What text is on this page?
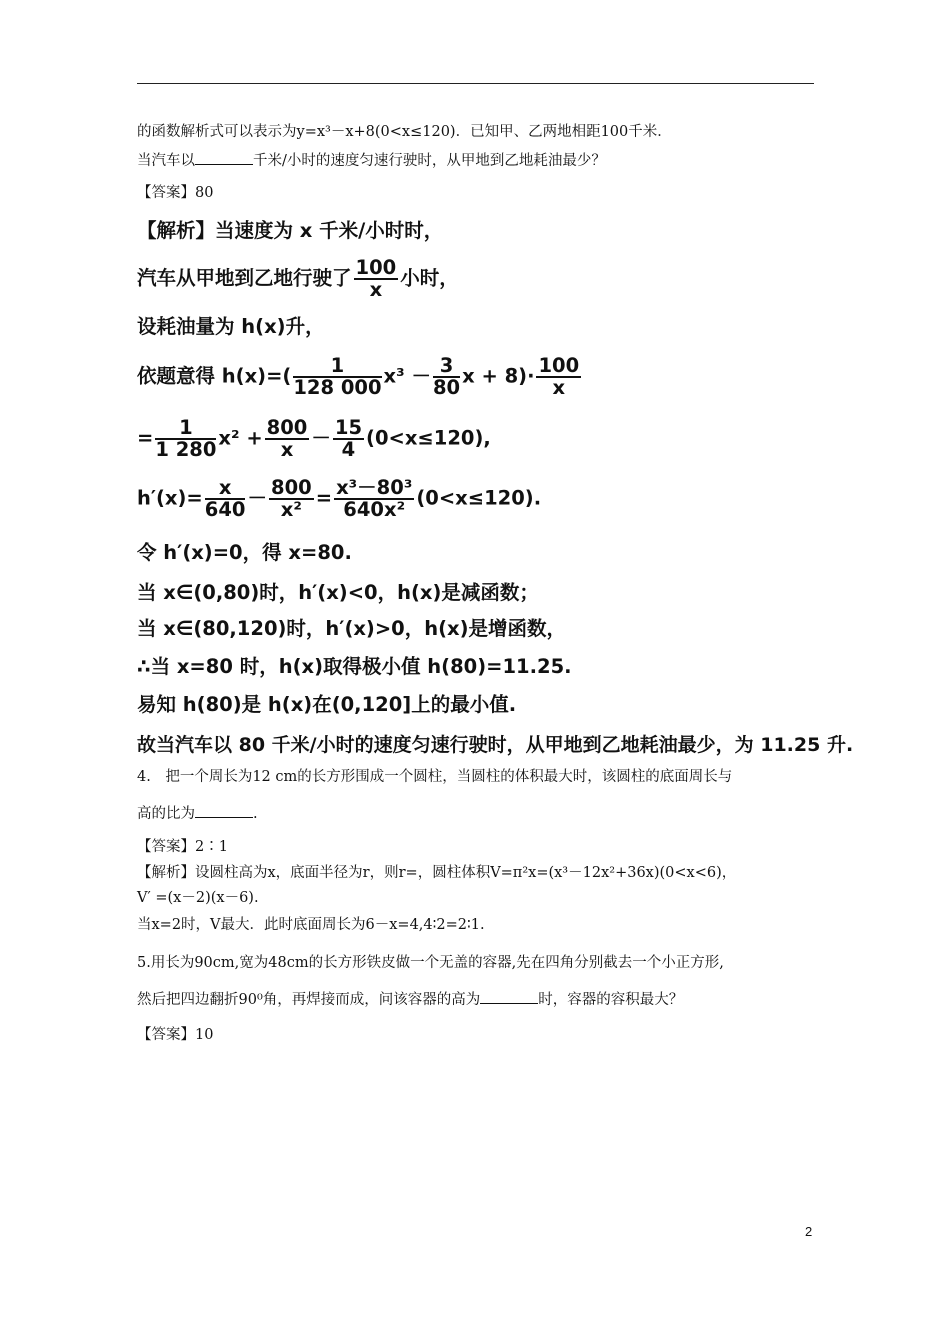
的函数解析式可以表示为y=x³－x+8(0<x≤120)．已知甲、乙两地相距100千米．
当汽车以	千米/小时的速度匀速行驶时，从甲地到乙地耗油最少？
【答案】80
【解析】当速度为 x 千米/小时时，
汽车从甲地到乙地行驶了 $\frac{100}{x}$ 小时，
设耗油量为 h(x)升，
依题意得 $h(x)=( \frac{1}{128 000} x^3 - \frac{3}{80}$ $x + 8)\cdot \frac{100}{x}$
= $\frac{1}{1 280} x^2 + \frac{800}{x} - \frac{15}{4} (0<x\le 120)$,
$h'(x)= \frac{x}{640} - \frac{800}{\text{x²}} = \frac{\text{x³－80³}}{\text{640x²}} (0<x\le 120)$.
令 h′(x)=0，得 x=80.
当 x∈(0,80)时，h′(x)<0，h(x)是减函数；
当 x∈(80,120)时，h′(x)>0，h(x)是增函数，
∴当 x=80 时，h(x)取得极小值 h(80)=11.25.
易知 h(80)是 h(x)在(0,120]上的最小值.
故当汽车以 80 千米/小时的速度匀速行驶时，从甲地到乙地耗油最少，为 11.25 升.
4.　把一个周长为12 cm的长方形围成一个圆柱，当圆柱的体积最大时，该圆柱的底面周长与
高的比为	.
【答案】2∶1
【解析】设圆柱高为x，底面半径为r，则r=，圆柱体积V=π²x=(x³－12x²+36x)(0<x<6)，
V′ =(x－2)(x－6).
当x=2时，V最大．此时底面周长为6－x=4,4∶2=2∶1.
5.用长为90cm,宽为48cm的长方形铁皮做一个无盖的容器,先在四角分别截去一个小正方形,
然后把四边翻折90⁰角，再焊接而成，问该容器的高为	时，容器的容积最大？
【答案】10
2
